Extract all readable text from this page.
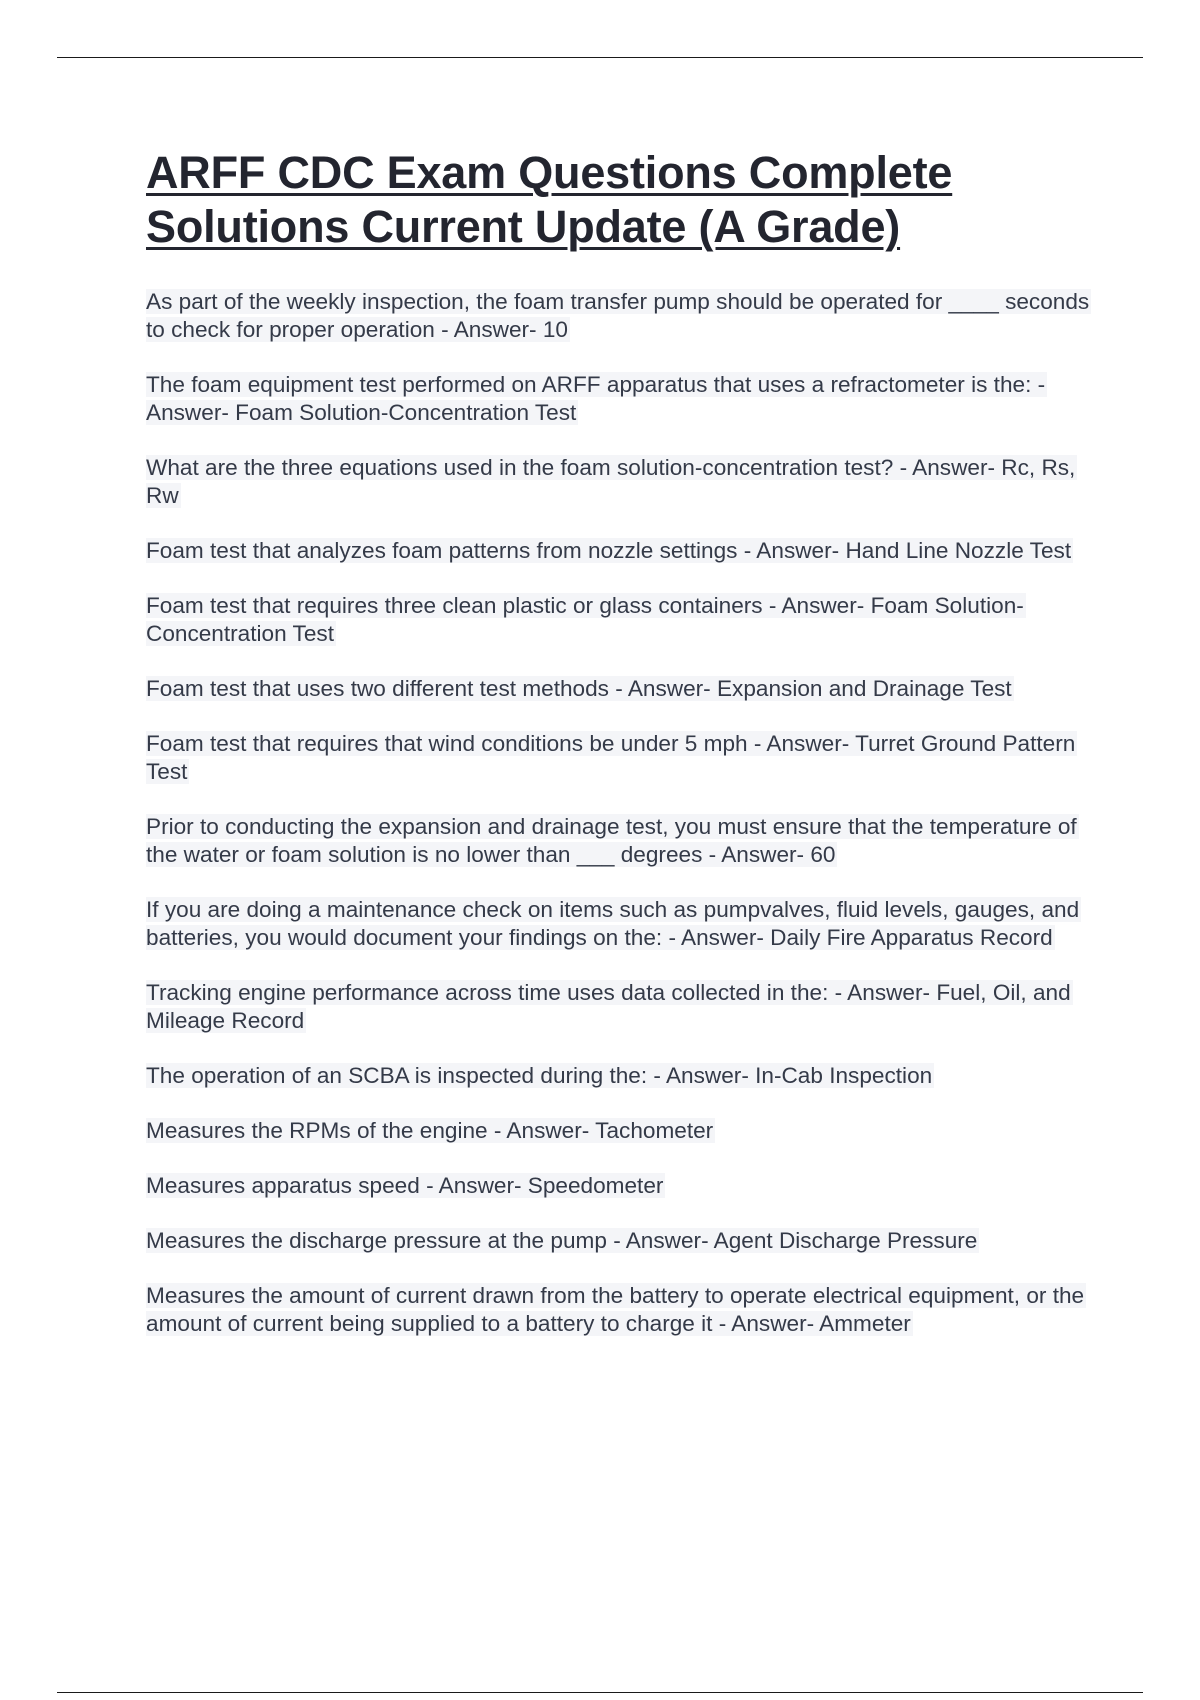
ARFF CDC Exam Questions Complete Solutions Current Update (A Grade)

As part of the weekly inspection, the foam transfer pump should be operated for ____ seconds to check for proper operation - Answer- 10

The foam equipment test performed on ARFF apparatus that uses a refractometer is the: - Answer- Foam Solution-Concentration Test

What are the three equations used in the foam solution-concentration test? - Answer- Rc, Rs, Rw

Foam test that analyzes foam patterns from nozzle settings - Answer- Hand Line Nozzle Test

Foam test that requires three clean plastic or glass containers - Answer- Foam Solution-Concentration Test

Foam test that uses two different test methods - Answer- Expansion and Drainage Test

Foam test that requires that wind conditions be under 5 mph - Answer- Turret Ground Pattern Test

Prior to conducting the expansion and drainage test, you must ensure that the temperature of the water or foam solution is no lower than ___ degrees - Answer- 60

If you are doing a maintenance check on items such as pumpvalves, fluid levels, gauges, and batteries, you would document your findings on the: - Answer- Daily Fire Apparatus Record

Tracking engine performance across time uses data collected in the: - Answer- Fuel, Oil, and Mileage Record

The operation of an SCBA is inspected during the: - Answer- In-Cab Inspection

Measures the RPMs of the engine - Answer- Tachometer

Measures apparatus speed - Answer- Speedometer

Measures the discharge pressure at the pump - Answer- Agent Discharge Pressure

Measures the amount of current drawn from the battery to operate electrical equipment, or the amount of current being supplied to a battery to charge it - Answer- Ammeter
